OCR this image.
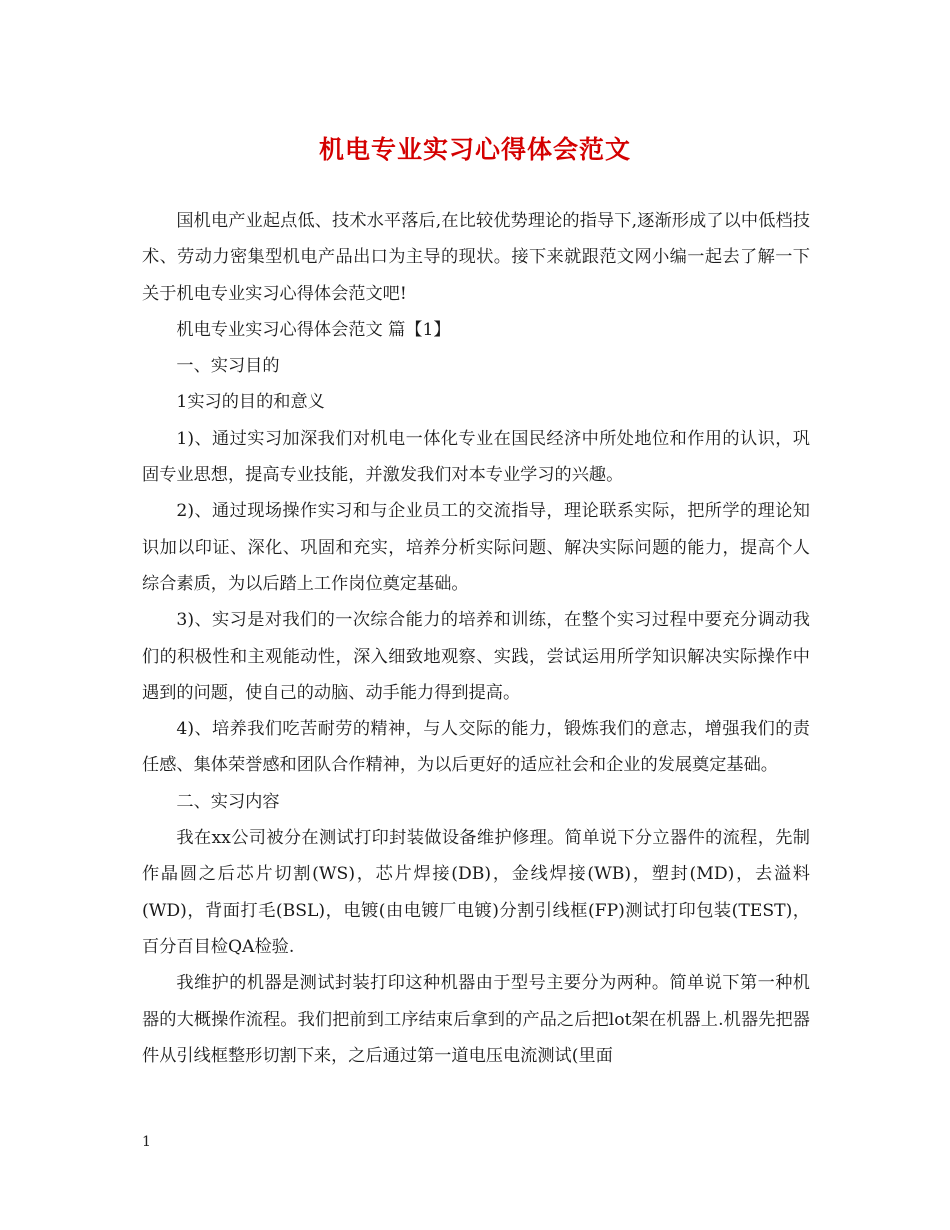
机电专业实习心得体会范文

国机电产业起点低、技术水平落后,在比较优势理论的指导下,逐渐形成了以中低档技术、劳动力密集型机电产品出口为主导的现状。接下来就跟范文网小编一起去了解一下关于机电专业实习心得体会范文吧!

机电专业实习心得体会范文 篇【1】

一、实习目的

1实习的目的和意义

1)、通过实习加深我们对机电一体化专业在国民经济中所处地位和作用的认识，巩固专业思想，提高专业技能，并激发我们对本专业学习的兴趣。

2)、通过现场操作实习和与企业员工的交流指导，理论联系实际，把所学的理论知识加以印证、深化、巩固和充实，培养分析实际问题、解决实际问题的能力，提高个人综合素质，为以后踏上工作岗位奠定基础。

3)、实习是对我们的一次综合能力的培养和训练，在整个实习过程中要充分调动我们的积极性和主观能动性，深入细致地观察、实践，尝试运用所学知识解决实际操作中遇到的问题，使自己的动脑、动手能力得到提高。

4)、培养我们吃苦耐劳的精神，与人交际的能力，锻炼我们的意志，增强我们的责任感、集体荣誉感和团队合作精神，为以后更好的适应社会和企业的发展奠定基础。

二、实习内容

我在xx公司被分在测试打印封装做设备维护修理。简单说下分立器件的流程，先制作晶圆之后芯片切割(WS)，芯片焊接(DB)，金线焊接(WB)，塑封(MD)，去溢料(WD)，背面打毛(BSL)，电镀(由电镀厂电镀)分割引线框(FP)测试打印包装(TEST)，百分百目检QA检验.

我维护的机器是测试封装打印这种机器由于型号主要分为两种。简单说下第一种机器的大概操作流程。我们把前到工序结束后拿到的产品之后把lot架在机器上.机器先把器件从引线框整形切割下来，之后通过第一道电压电流测试(里面

1
